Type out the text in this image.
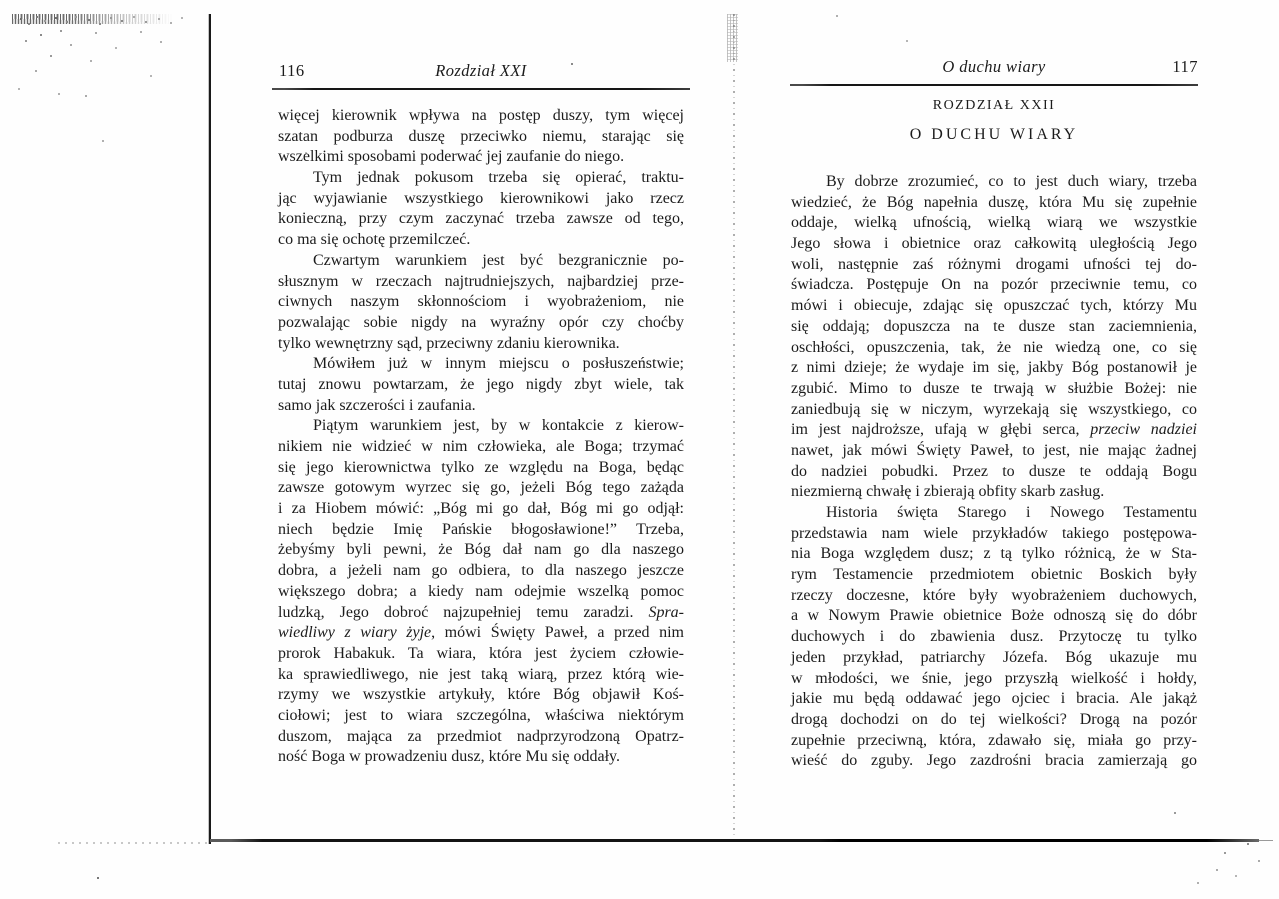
116	Rozdział XXI
więcej kierownik wpływa na postęp duszy, tym więcej
szatan podburza duszę przeciwko niemu, starając się
wszelkimi sposobami poderwać jej zaufanie do niego.
Tym jednak pokusom trzeba się opierać, traktu-
jąc wyjawianie wszystkiego kierownikowi jako rzecz
konieczną, przy czym zaczynać trzeba zawsze od tego,
co ma się ochotę przemilczeć.
Czwartym warunkiem jest być bezgranicznie po-
słusznym w rzeczach najtrudniejszych, najbardziej prze-
ciwnych naszym skłonnościom i wyobrażeniom, nie
pozwalając sobie nigdy na wyraźny opór czy choćby
tylko wewnętrzny sąd, przeciwny zdaniu kierownika.
Mówiłem już w innym miejscu o posłuszeństwie;
tutaj znowu powtarzam, że jego nigdy zbyt wiele, tak
samo jak szczerości i zaufania.
Piątym warunkiem jest, by w kontakcie z kierow-
nikiem nie widzieć w nim człowieka, ale Boga; trzymać
się jego kierownictwa tylko ze względu na Boga, będąc
zawsze gotowym wyrzec się go, jeżeli Bóg tego zażąda
i za Hiobem mówić: „Bóg mi go dał, Bóg mi go odjął:
niech będzie Imię Pańskie błogosławione!” Trzeba,
żebyśmy byli pewni, że Bóg dał nam go dla naszego
dobra, a jeżeli nam go odbiera, to dla naszego jeszcze
większego dobra; a kiedy nam odejmie wszelką pomoc
ludzką, Jego dobroć najzupełniej temu zaradzi. Spra-
wiedliwy z wiary żyje, mówi Święty Paweł, a przed nim
prorok Habakuk. Ta wiara, która jest życiem człowie-
ka sprawiedliwego, nie jest taką wiarą, przez którą wie-
rzymy we wszystkie artykuły, które Bóg objawił Koś-
ciołowi; jest to wiara szczególna, właściwa niektórym
duszom, mająca za przedmiot nadprzyrodzoną Opatrz-
ność Boga w prowadzeniu dusz, które Mu się oddały.
O duchu wiary	117
ROZDZIAŁ XXII
O DUCHU WIARY
By dobrze zrozumieć, co to jest duch wiary, trzeba
wiedzieć, że Bóg napełnia duszę, która Mu się zupełnie
oddaje, wielką ufnością, wielką wiarą we wszystkie
Jego słowa i obietnice oraz całkowitą uległością Jego
woli, następnie zaś różnymi drogami ufności tej do-
świadcza. Postępuje On na pozór przeciwnie temu, co
mówi i obiecuje, zdając się opuszczać tych, którzy Mu
się oddają; dopuszcza na te dusze stan zaciemnienia,
oschłości, opuszczenia, tak, że nie wiedzą one, co się
z nimi dzieje; że wydaje im się, jakby Bóg postanowił je
zgubić. Mimo to dusze te trwają w służbie Bożej: nie
zaniedbują się w niczym, wyrzekają się wszystkiego, co
im jest najdroższe, ufają w głębi serca, przeciw nadziei
nawet, jak mówi Święty Paweł, to jest, nie mając żadnej
do nadziei pobudki. Przez to dusze te oddają Bogu
niezmierną chwałę i zbierają obfity skarb zasług.
Historia święta Starego i Nowego Testamentu
przedstawia nam wiele przykładów takiego postępowa-
nia Boga względem dusz; z tą tylko różnicą, że w Sta-
rym Testamencie przedmiotem obietnic Boskich były
rzeczy doczesne, które były wyobrażeniem duchowych,
a w Nowym Prawie obietnice Boże odnoszą się do dóbr
duchowych i do zbawienia dusz. Przytoczę tu tylko
jeden przykład, patriarchy Józefa. Bóg ukazuje mu
w młodości, we śnie, jego przyszłą wielkość i hołdy,
jakie mu będą oddawać jego ojciec i bracia. Ale jakąż
drogą dochodzi on do tej wielkości? Drogą na pozór
zupełnie przeciwną, która, zdawało się, miała go przy-
wieść do zguby. Jego zazdrośni bracia zamierzają go
